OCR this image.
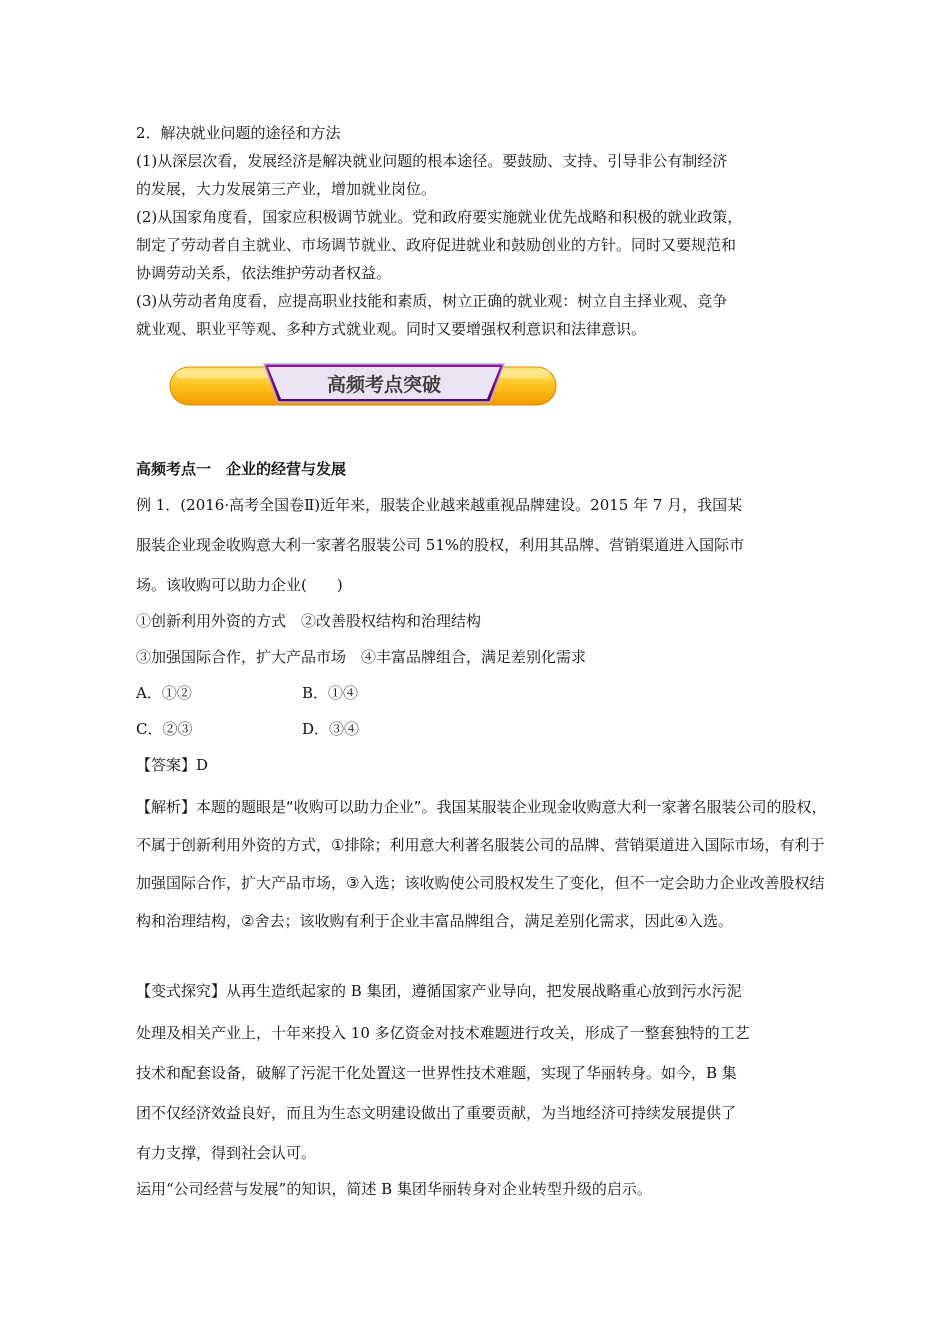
2．解决就业问题的途径和方法
(1)从深层次看，发展经济是解决就业问题的根本途径。要鼓励、支持、引导非公有制经济
的发展，大力发展第三产业，增加就业岗位。
(2)从国家角度看，国家应积极调节就业。党和政府要实施就业优先战略和积极的就业政策，
制定了劳动者自主就业、市场调节就业、政府促进就业和鼓励创业的方针。同时又要规范和
协调劳动关系，依法维护劳动者权益。
(3)从劳动者角度看，应提高职业技能和素质，树立正确的就业观：树立自主择业观、竞争
就业观、职业平等观、多种方式就业观。同时又要增强权利意识和法律意识。
高频考点突破
高频考点一　企业的经营与发展
例 1．(2016·高考全国卷Ⅱ)近年来，服装企业越来越重视品牌建设。2015 年 7 月，我国某
服装企业现金收购意大利一家著名服装公司 51%的股权，利用其品牌、营销渠道进入国际市
场。该收购可以助力企业(　　)
①创新利用外资的方式　②改善股权结构和治理结构
③加强国际合作，扩大产品市场　④丰富品牌组合，满足差别化需求
A．①②	B．①④
C．②③	D．③④
【答案】D
【解析】本题的题眼是“收购可以助力企业”。我国某服装企业现金收购意大利一家著名服装公司的股权，
不属于创新利用外资的方式，①排除；利用意大利著名服装公司的品牌、营销渠道进入国际市场，有利于
加强国际合作，扩大产品市场，③入选；该收购使公司股权发生了变化，但不一定会助力企业改善股权结
构和治理结构，②舍去；该收购有利于企业丰富品牌组合，满足差别化需求，因此④入选。
【变式探究】从再生造纸起家的 B 集团，遵循国家产业导向，把发展战略重心放到污水污泥
处理及相关产业上，十年来投入 10 多亿资金对技术难题进行攻关，形成了一整套独特的工艺
技术和配套设备，破解了污泥干化处置这一世界性技术难题，实现了华丽转身。如今，B 集
团不仅经济效益良好，而且为生态文明建设做出了重要贡献，为当地经济可持续发展提供了
有力支撑，得到社会认可。
运用“公司经营与发展”的知识，简述 B 集团华丽转身对企业转型升级的启示。
